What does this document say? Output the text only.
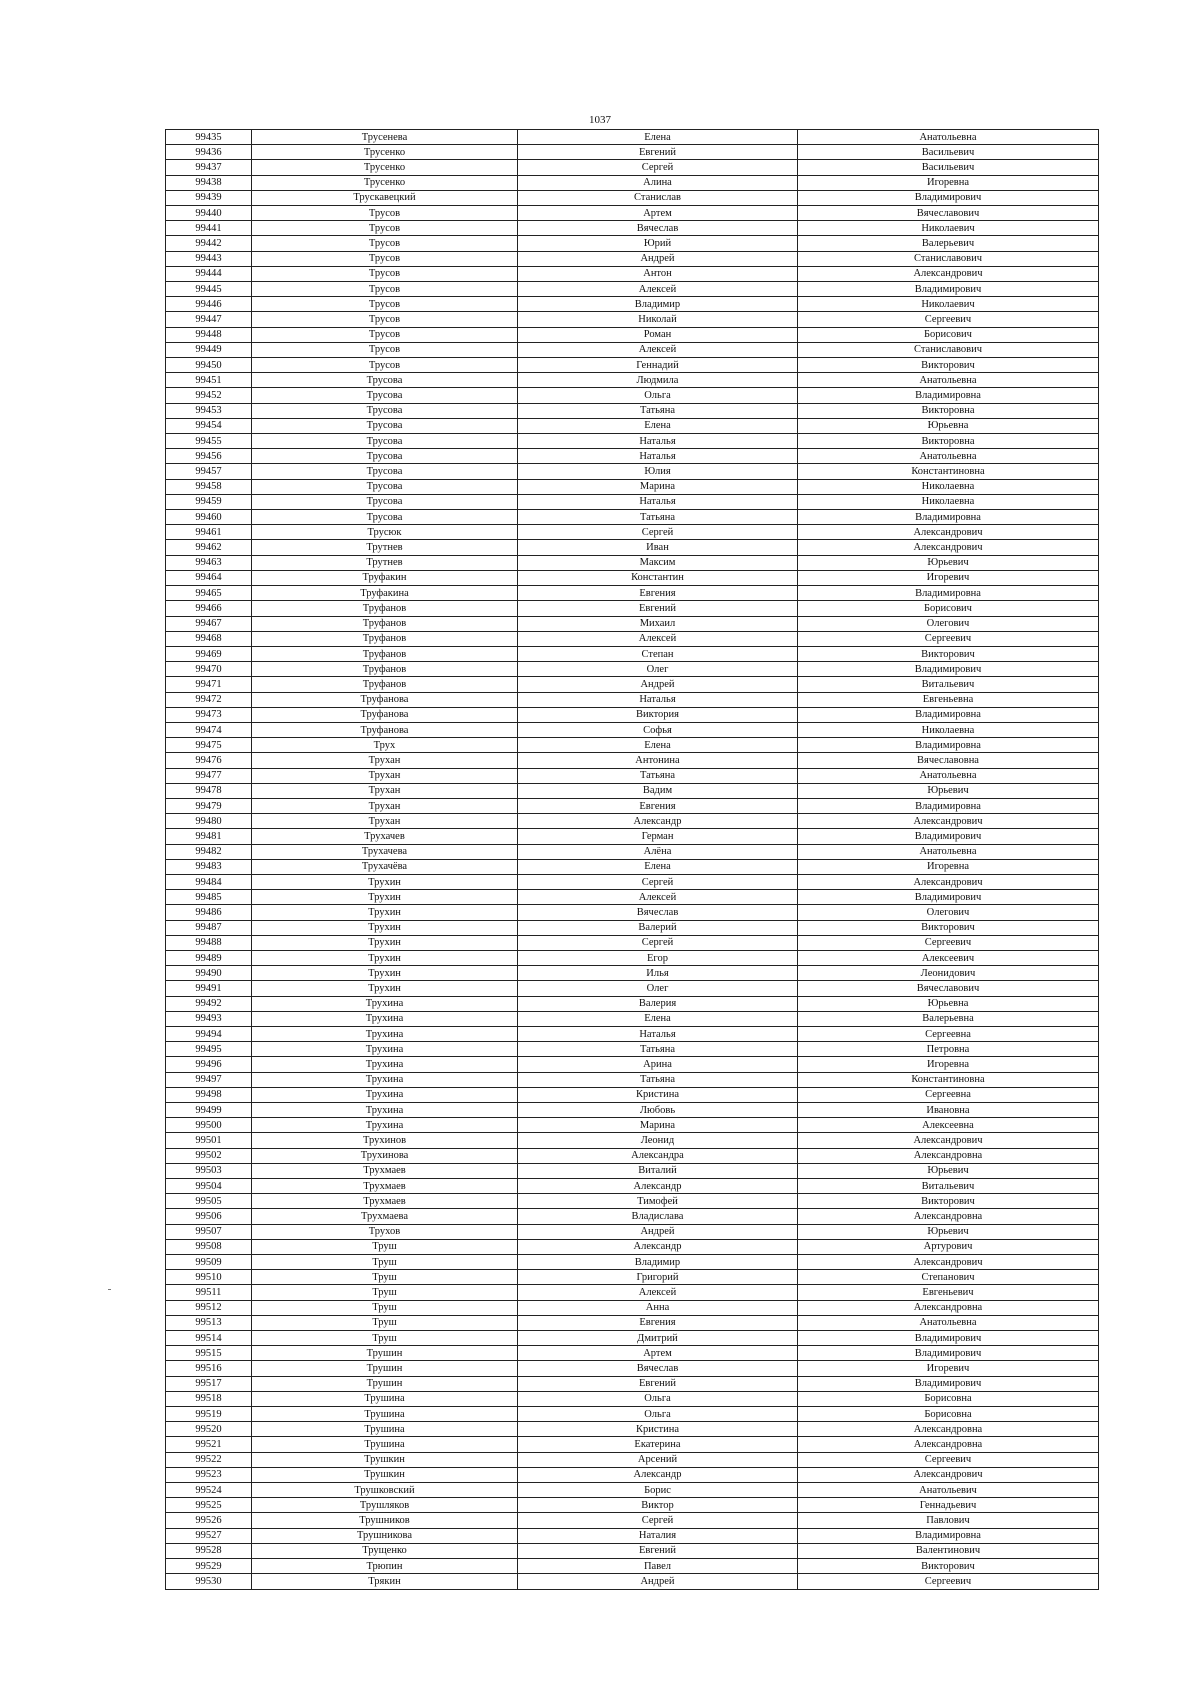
1037
99435	Трусенева	Елена	Анатольевна
99436	Трусенко	Евгений	Васильевич
99437	Трусенко	Сергей	Васильевич
99438	Трусенко	Алина	Игоревна
99439	Трускавецкий	Станислав	Владимирович
99440	Трусов	Артем	Вячеславович
99441	Трусов	Вячеслав	Николаевич
99442	Трусов	Юрий	Валерьевич
99443	Трусов	Андрей	Станиславович
99444	Трусов	Антон	Александрович
99445	Трусов	Алексей	Владимирович
99446	Трусов	Владимир	Николаевич
99447	Трусов	Николай	Сергеевич
99448	Трусов	Роман	Борисович
99449	Трусов	Алексей	Станиславович
99450	Трусов	Геннадий	Викторович
99451	Трусова	Людмила	Анатольевна
99452	Трусова	Ольга	Владимировна
99453	Трусова	Татьяна	Викторовна
99454	Трусова	Елена	Юрьевна
99455	Трусова	Наталья	Викторовна
99456	Трусова	Наталья	Анатольевна
99457	Трусова	Юлия	Константиновна
99458	Трусова	Марина	Николаевна
99459	Трусова	Наталья	Николаевна
99460	Трусова	Татьяна	Владимировна
99461	Трусюк	Сергей	Александрович
99462	Трутнев	Иван	Александрович
99463	Трутнев	Максим	Юрьевич
99464	Труфакин	Константин	Игоревич
99465	Труфакина	Евгения	Владимировна
99466	Труфанов	Евгений	Борисович
99467	Труфанов	Михаил	Олегович
99468	Труфанов	Алексей	Сергеевич
99469	Труфанов	Степан	Викторович
99470	Труфанов	Олег	Владимирович
99471	Труфанов	Андрей	Витальевич
99472	Труфанова	Наталья	Евгеньевна
99473	Труфанова	Виктория	Владимировна
99474	Труфанова	Софья	Николаевна
99475	Трух	Елена	Владимировна
99476	Трухан	Антонина	Вячеславовна
99477	Трухан	Татьяна	Анатольевна
99478	Трухан	Вадим	Юрьевич
99479	Трухан	Евгения	Владимировна
99480	Трухан	Александр	Александрович
99481	Трухачев	Герман	Владимирович
99482	Трухачева	Алёна	Анатольевна
99483	Трухачёва	Елена	Игоревна
99484	Трухин	Сергей	Александрович
99485	Трухин	Алексей	Владимирович
99486	Трухин	Вячеслав	Олегович
99487	Трухин	Валерий	Викторович
99488	Трухин	Сергей	Сергеевич
99489	Трухин	Егор	Алексеевич
99490	Трухин	Илья	Леонидович
99491	Трухин	Олег	Вячеславович
99492	Трухина	Валерия	Юрьевна
99493	Трухина	Елена	Валерьевна
99494	Трухина	Наталья	Сергеевна
99495	Трухина	Татьяна	Петровна
99496	Трухина	Арина	Игоревна
99497	Трухина	Татьяна	Константиновна
99498	Трухина	Кристина	Сергеевна
99499	Трухина	Любовь	Ивановна
99500	Трухина	Марина	Алексеевна
99501	Трухинов	Леонид	Александрович
99502	Трухинова	Александра	Александровна
99503	Трухмаев	Виталий	Юрьевич
99504	Трухмаев	Александр	Витальевич
99505	Трухмаев	Тимофей	Викторович
99506	Трухмаева	Владислава	Александровна
99507	Трухов	Андрей	Юрьевич
99508	Труш	Александр	Артурович
99509	Труш	Владимир	Александрович
99510	Труш	Григорий	Степанович
99511	Труш	Алексей	Евгеньевич
99512	Труш	Анна	Александровна
99513	Труш	Евгения	Анатольевна
99514	Труш	Дмитрий	Владимирович
99515	Трушин	Артем	Владимирович
99516	Трушин	Вячеслав	Игоревич
99517	Трушин	Евгений	Владимирович
99518	Трушина	Ольга	Борисовна
99519	Трушина	Ольга	Борисовна
99520	Трушина	Кристина	Александровна
99521	Трушина	Екатерина	Александровна
99522	Трушкин	Арсений	Сергеевич
99523	Трушкин	Александр	Александрович
99524	Трушковский	Борис	Анатольевич
99525	Трушляков	Виктор	Геннадьевич
99526	Трушников	Сергей	Павлович
99527	Трушникова	Наталия	Владимировна
99528	Трущенко	Евгений	Валентинович
99529	Трюпин	Павел	Викторович
99530	Трякин	Андрей	Сергеевич
